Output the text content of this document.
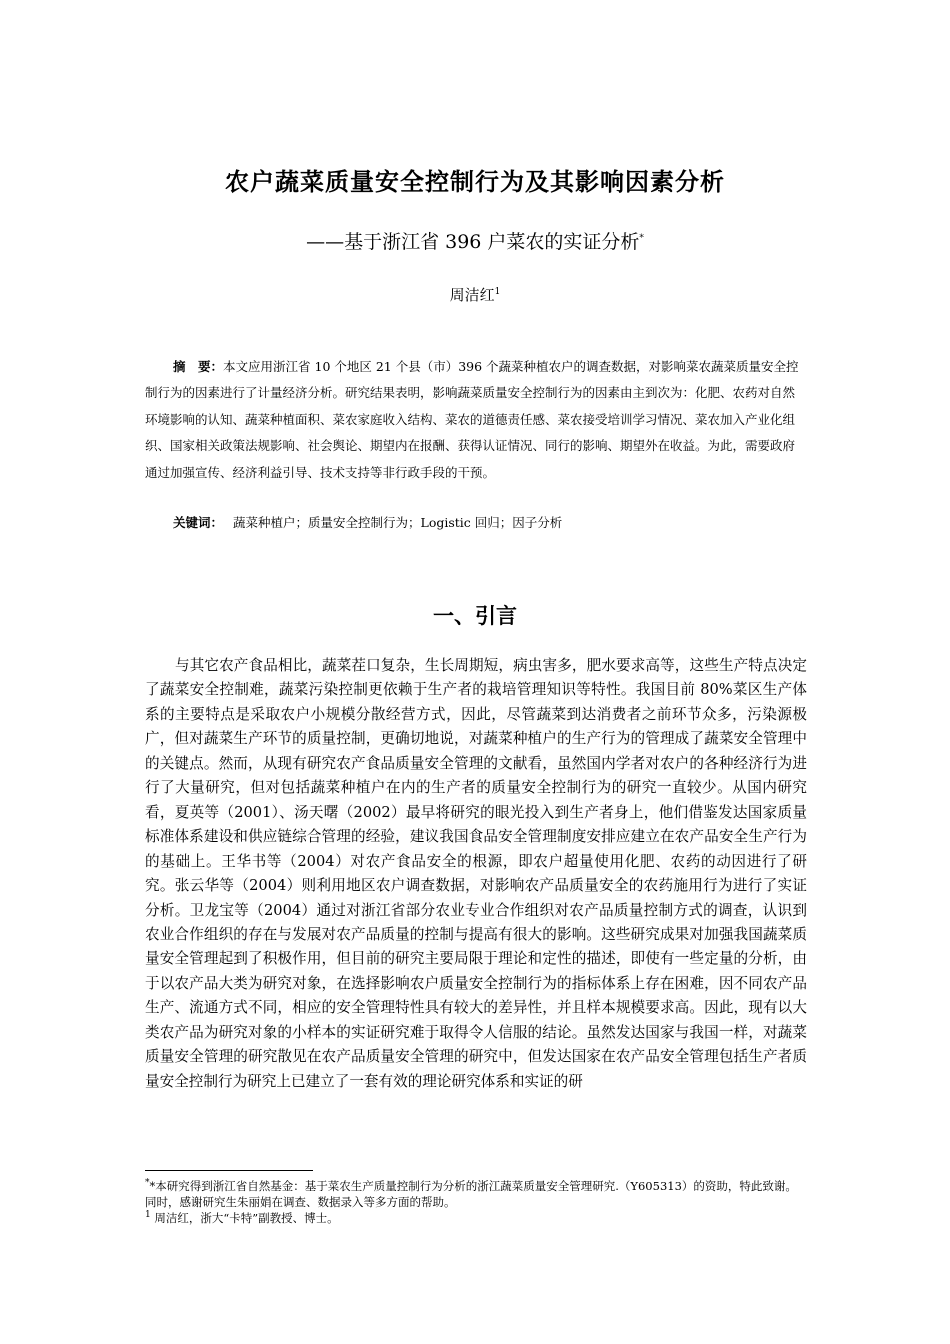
农户蔬菜质量安全控制行为及其影响因素分析

——基于浙江省 396 户菜农的实证分析*

周洁红$^1$

摘　要：本文应用浙江省 10 个地区 21 个县（市）396 个蔬菜种植农户的调查数据，对影响菜农蔬菜质量安全控制行为的因素进行了计量经济分析。研究结果表明，影响蔬菜质量安全控制行为的因素由主到次为：化肥、农药对自然环境影响的认知、蔬菜种植面积、菜农家庭收入结构、菜农的道德责任感、菜农接受培训学习情况、菜农加入产业化组织、国家相关政策法规影响、社会舆论、期望内在报酬、获得认证情况、同行的影响、期望外在收益。为此，需要政府通过加强宣传、经济利益引导、技术支持等非行政手段的干预。

关键词： 蔬菜种植户；质量安全控制行为；Logistic 回归；因子分析

一、引言

与其它农产食品相比，蔬菜茬口复杂，生长周期短，病虫害多，肥水要求高等，这些生产特点决定了蔬菜安全控制难，蔬菜污染控制更依赖于生产者的栽培管理知识等特性。我国目前 80%菜区生产体系的主要特点是采取农户小规模分散经营方式，因此，尽管蔬菜到达消费者之前环节众多，污染源极广，但对蔬菜生产环节的质量控制，更确切地说，对蔬菜种植户的生产行为的管理成了蔬菜安全管理中的关键点。然而，从现有研究农产食品质量安全管理的文献看，虽然国内学者对农户的各种经济行为进行了大量研究，但对包括蔬菜种植户在内的生产者的质量安全控制行为的研究一直较少。从国内研究看，夏英等（2001）、汤天曙（2002）最早将研究的眼光投入到生产者身上，他们借鉴发达国家质量标准体系建设和供应链综合管理的经验，建议我国食品安全管理制度安排应建立在农产品安全生产行为的基础上。王华书等（2004）对农产食品安全的根源，即农户超量使用化肥、农药的动因进行了研究。张云华等（2004）则利用地区农户调查数据，对影响农产品质量安全的农药施用行为进行了实证分析。卫龙宝等（2004）通过对浙江省部分农业专业合作组织对农产品质量控制方式的调查，认识到农业合作组织的存在与发展对农产品质量的控制与提高有很大的影响。这些研究成果对加强我国蔬菜质量安全管理起到了积极作用，但目前的研究主要局限于理论和定性的描述，即使有一些定量的分析，由于以农产品大类为研究对象，在选择影响农户质量安全控制行为的指标体系上存在困难，因不同农产品生产、流通方式不同，相应的安全管理特性具有较大的差异性，并且样本规模要求高。因此，现有以大类农产品为研究对象的小样本的实证研究难于取得令人信服的结论。虽然发达国家与我国一样，对蔬菜质量安全管理的研究散见在农产品质量安全管理的研究中，但发达国家在农产品安全管理包括生产者质量安全控制行为研究上已建立了一套有效的理论研究体系和实证的研

**本研究得到浙江省自然基金：基于菜农生产质量控制行为分析的浙江蔬菜质量安全管理研究.（Y605313）的资助，特此致谢。同时，感谢研究生朱丽娟在调查、数据录入等多方面的帮助。

$^1$ 周洁红，浙大“卡特”副教授、博士。
